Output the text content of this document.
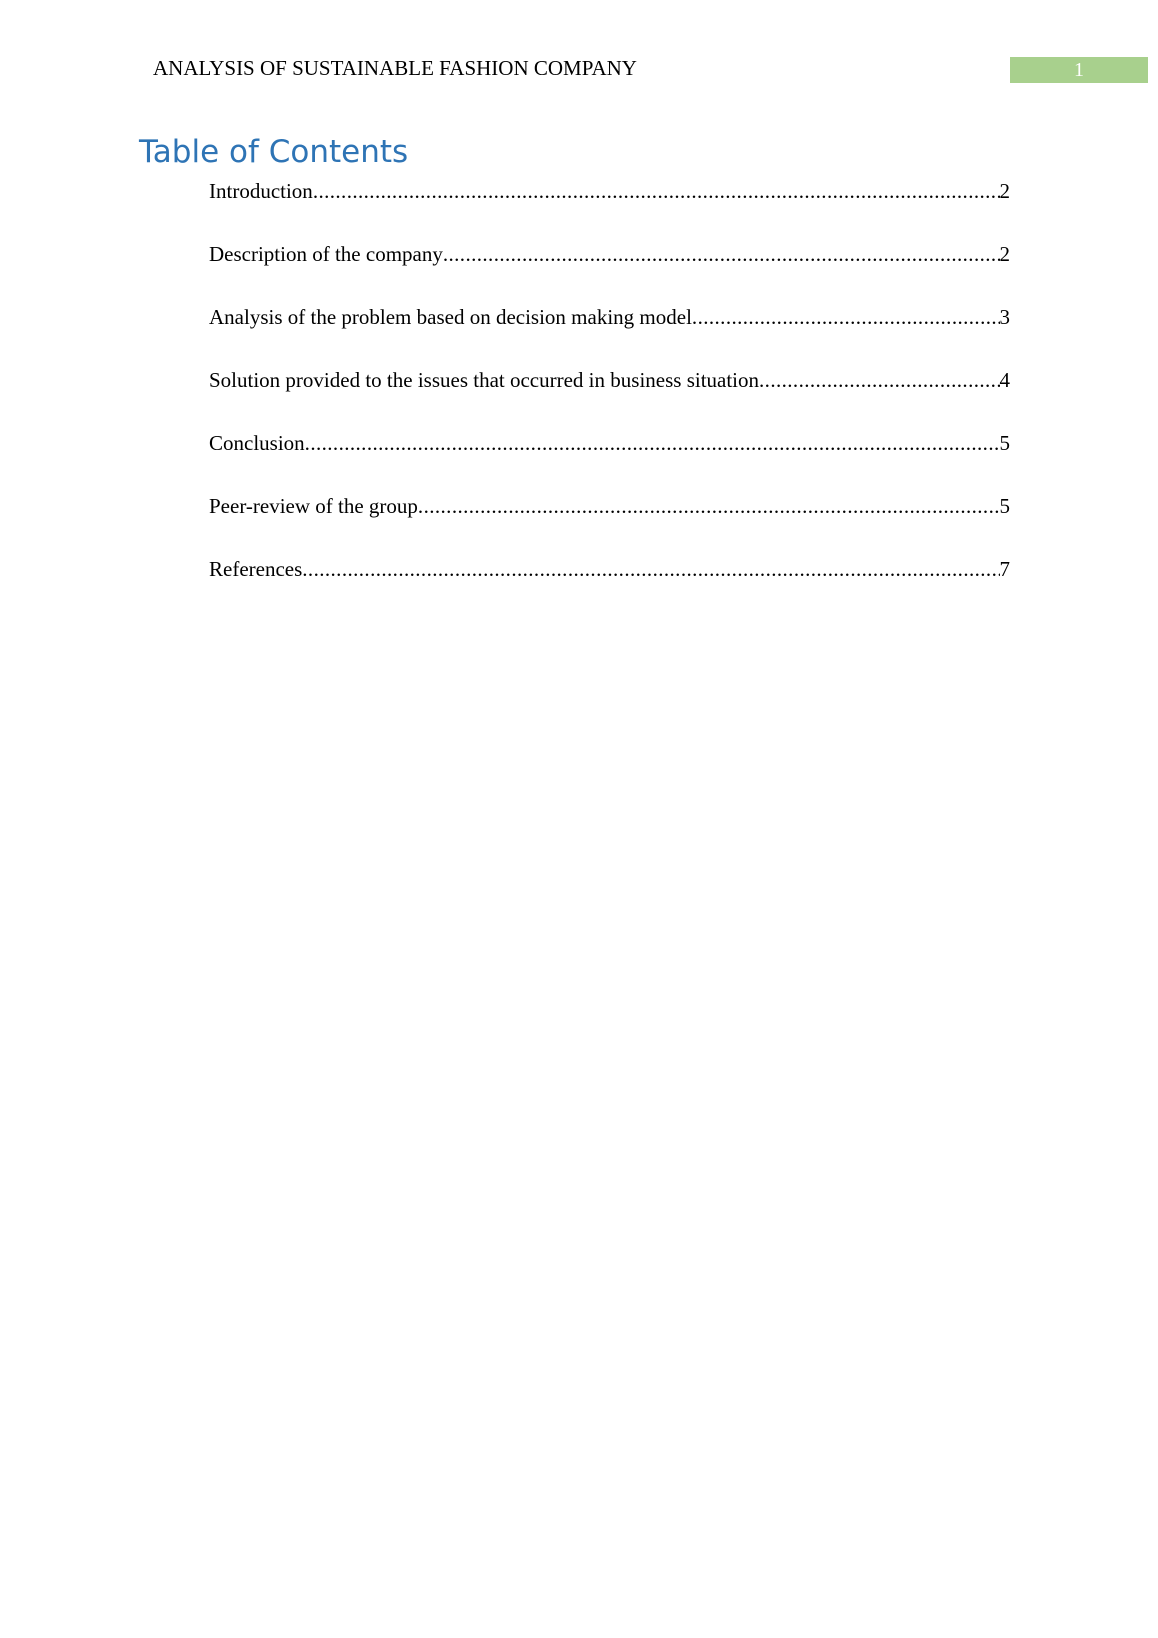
ANALYSIS OF SUSTAINABLE FASHION COMPANY	1
Table of Contents
Introduction .....	2
Description of the company .....	2
Analysis of the problem based on decision making model .....	3
Solution provided to the issues that occurred in business situation .....	4
Conclusion .....	5
Peer-review of the group .....	5
References .....	7
